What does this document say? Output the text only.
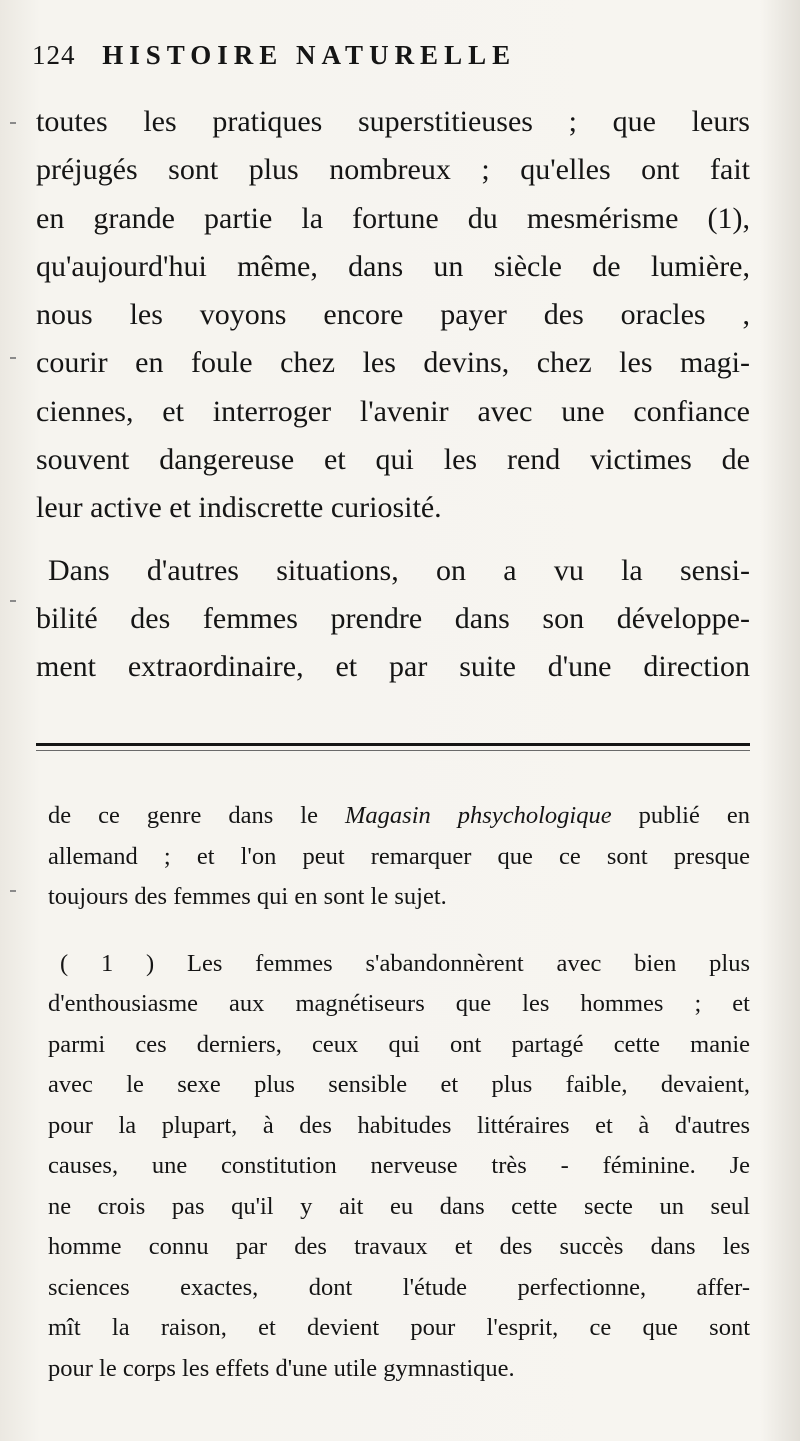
124 HISTOIRE NATURELLE
toutes les pratiques superstitieuses ; que leurs
préjugés sont plus nombreux ; qu'elles ont fait
en grande partie la fortune du mesmérisme (1),
qu'aujourd'hui même, dans un siècle de lumière,
nous les voyons encore payer des oracles ,
courir en foule chez les devins, chez les magi-
ciennes, et interroger l'avenir avec une confiance
souvent dangereuse et qui les rend victimes de
leur active et indiscrette curiosité.
Dans d'autres situations, on a vu la sensi-
bilité des femmes prendre dans son développe-
ment extraordinaire, et par suite d'une direction
de ce genre dans le Magasin phsychologique publié en
allemand ; et l'on peut remarquer que ce sont presque
toujours des femmes qui en sont le sujet.
( 1 ) Les femmes s'abandonnèrent avec bien plus
d'enthousiasme aux magnétiseurs que les hommes ; et
parmi ces derniers, ceux qui ont partagé cette manie
avec le sexe plus sensible et plus faible, devaient,
pour la plupart, à des habitudes littéraires et à d'autres
causes, une constitution nerveuse très - féminine. Je
ne crois pas qu'il y ait eu dans cette secte un seul
homme connu par des travaux et des succès dans les
sciences exactes, dont l'étude perfectionne, affer-
mît la raison, et devient pour l'esprit, ce que sont
pour le corps les effets d'une utile gymnastique.
